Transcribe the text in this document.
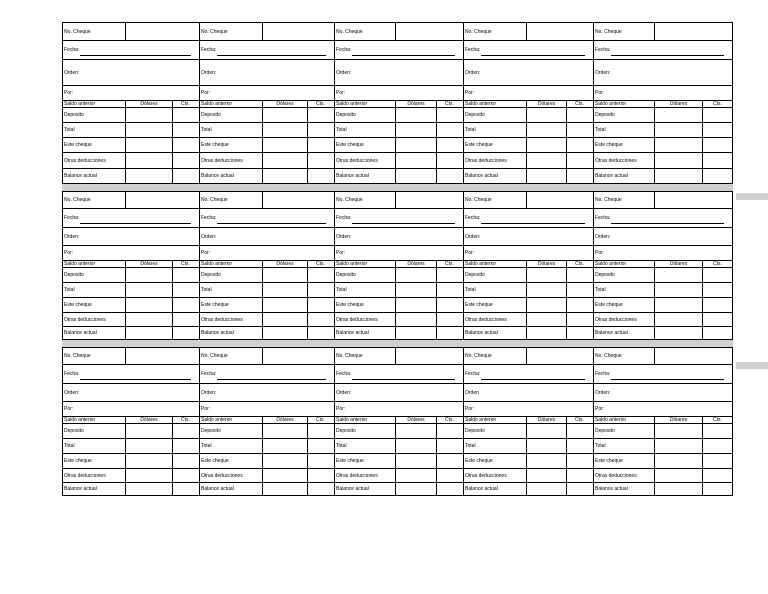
No. Cheque	No. Cheque	No. Cheque	No. Cheque	No. Cheque
Fecha:	Fecha:	Fecha:	Fecha:	Fecha:
Orden:	Orden:	Orden:	Orden:	Orden:
Por:	Por:	Por:	Por:	Por:
Saldo anterior	Dólares	Cts.	Saldo anterior	Dólares	Cts.	Saldo anterior	Dólares	Cts.	Saldo anterior	Dólares	Cts.	Saldo anterior	Dólares	Cts.
Deposito	Deposito	Deposito	Deposito	Deposito
Total	Total	Total	Total	Total
Este cheque	Este cheque	Este cheque	Este cheque	Este cheque
Otras deducciones	Otras deducciones	Otras deducciones	Otras deducciones	Otras deducciones
Balance actual	Balance actual	Balance actual	Balance actual	Balance actual
No. Cheque	No. Cheque	No. Cheque	No. Cheque	No. Cheque
Fecha:	Fecha:	Fecha:	Fecha:	Fecha:
Orden:	Orden:	Orden:	Orden:	Orden:
Por:	Por:	Por:	Por:	Por:
Saldo anterior	Dólares	Cts.	Saldo anterior	Dólares	Cts.	Saldo anterior	Dólares	Cts.	Saldo anterior	Dólares	Cts.	Saldo anterior	Dólares	Cts.
Deposito	Deposito	Deposito	Deposito	Deposito
Total	Total	Total	Total	Total
Este cheque	Este cheque	Este cheque	Este cheque	Este cheque
Otras deducciones	Otras deducciones	Otras deducciones	Otras deducciones	Otras deducciones
Balance actual	Balance actual	Balance actual	Balance actual	Balance actual
No. Cheque	No. Cheque	No. Cheque	No. Cheque	No. Cheque
Fecha:	Fecha:	Fecha:	Fecha:	Fecha:
Orden:	Orden:	Orden:	Orden	Orden:
Por:	Por:	Por:	Por:	Por:
Saldo anterior	Dólares	Cts.	Saldo anterior	Dólares	Cts.	Saldo anterior	Dólares	Cts.	Saldo anterior	Dólares	Cts.	Saldo anterior	Dólares	Cts.
Deposito	Deposito	Deposito	Deposito	Deposito
Total	Total	Total	Total	Total
Este cheque	Este cheque	Este cheque	Este cheque	Este cheque
Otras deducciones	Otras deducciones	Otras deducciones	Otras deducciones	Otras deducciones
Balance actual	Balance actual	Balance actual	Balance actual	Balance actual
